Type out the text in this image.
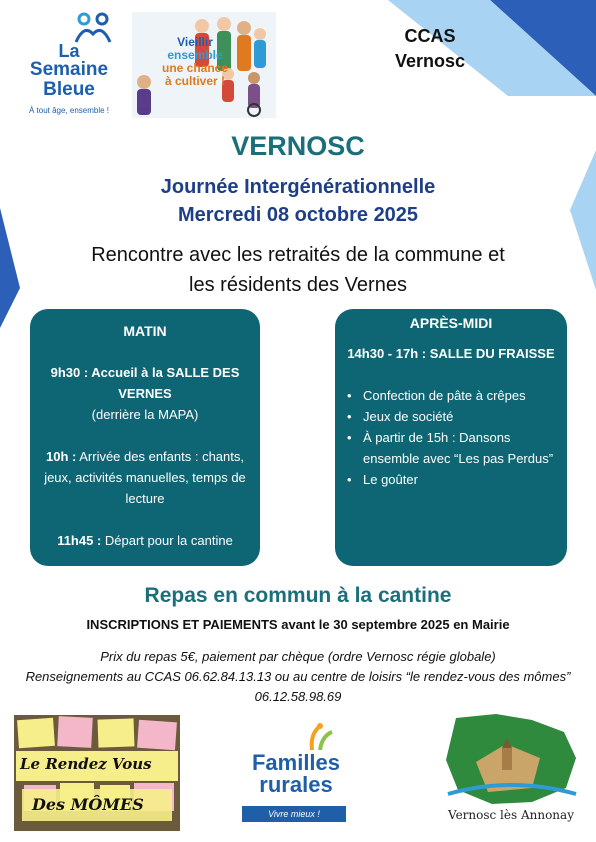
La
Semaine
Bleue
À tout âge, ensemble !
Vieillir
ensemble
une chance
à cultiver !
CCAS
Vernosc
VERNOSC
Journée Intergénérationnelle
Mercredi 08 octobre 2025
Rencontre avec les retraités de la commune et
les résidents des Vernes
MATIN

9h30 : Accueil à la SALLE DES VERNES
(derrière la MAPA)

10h : Arrivée des enfants : chants, jeux, activités manuelles, temps de lecture

11h45 : Départ pour la cantine

APRÈS-MIDI
14h30 - 17h : SALLE DU FRAISSE
• Confection de pâte à crêpes
• Jeux de société
• À partir de 15h : Dansons ensemble avec “Les pas Perdus”
• Le goûter
Repas en commun à la cantine
INSCRIPTIONS ET PAIEMENTS avant le 30 septembre 2025 en Mairie
Prix du repas 5€, paiement par chèque (ordre Vernosc régie globale)
Renseignements au CCAS 06.62.84.13.13 ou au centre de loisirs “le rendez-vous des mômes” 06.12.58.98.69
Le Rendez Vous
Des MÔMES
Familles
rurales
Vivre mieux !	Vernosc lès Annonay
